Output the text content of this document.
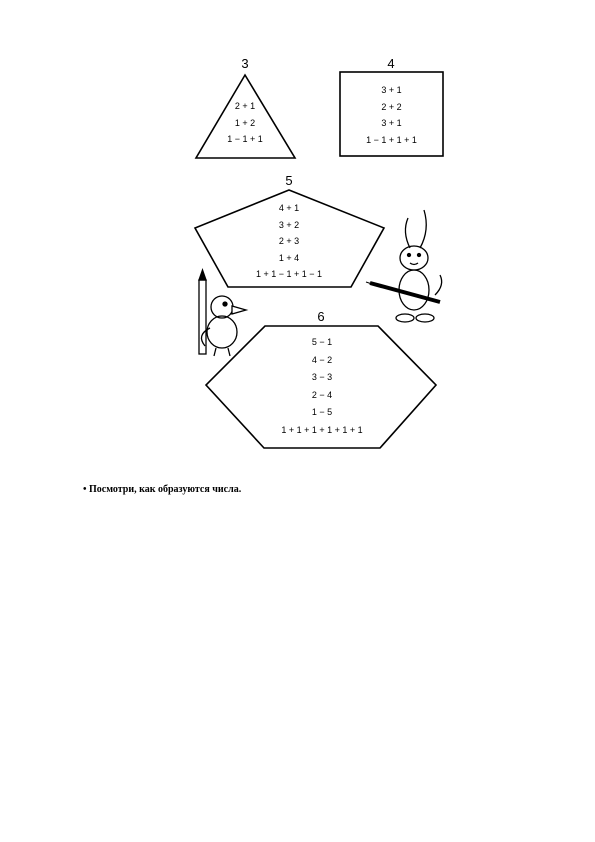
3
2 + 1
1 + 2
1 − 1 + 1
4
3 + 1
2 + 2
3 + 1
1 − 1 + 1 + 1
5
4 + 1
3 + 2
2 + 3
1 + 4
1 + 1 − 1 + 1 − 1
6
5 − 1
4 − 2
3 − 3
2 − 4
1 − 5
1 + 1 + 1 + 1 + 1 + 1
• Посмотри, как образуются числа.
